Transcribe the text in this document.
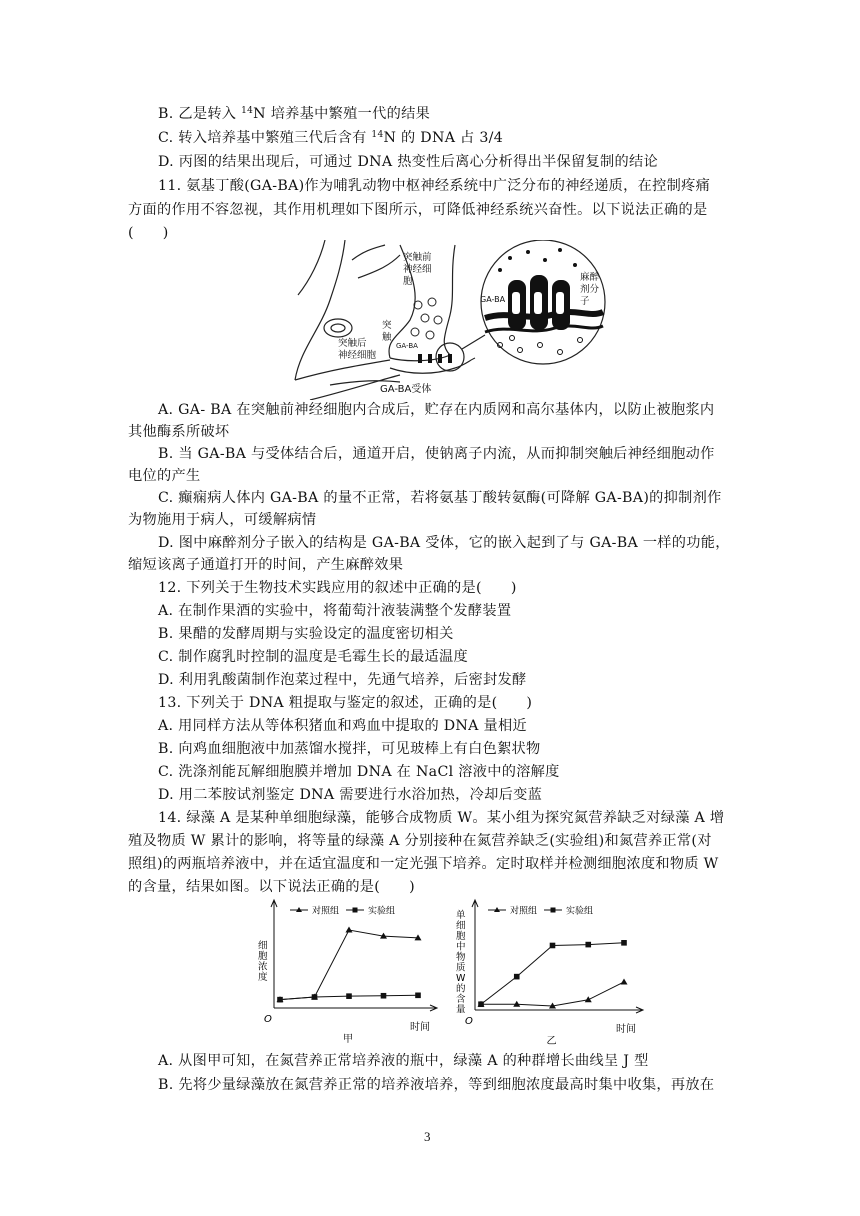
B. 乙是转入 $^{14}$N 培养基中繁殖一代的结果
C. 转入培养基中繁殖三代后含有 $^{14}$N 的 DNA 占 3/4
D. 丙图的结果出现后，可通过 DNA 热变性后离心分析得出半保留复制的结论
11. 氨基丁酸(GA-BA)作为哺乳动物中枢神经系统中广泛分布的神经递质，在控制疼痛
方面的作用不容忽视，其作用机理如下图所示，可降低神经系统兴奋性。以下说法正确的是
(　　)
突触前
神经细
胞
突
触
突触后
神经细胞
GA-BA
GA-BA受体
GA-BA
麻醉
剂分
子
A. GA- BA 在突触前神经细胞内合成后，贮存在内质网和高尔基体内，以防止被胞浆内
其他酶系所破坏
B. 当 GA-BA 与受体结合后，通道开启，使钠离子内流，从而抑制突触后神经细胞动作
电位的产生
C. 癫痫病人体内 GA-BA 的量不正常，若将氨基丁酸转氨酶(可降解 GA-BA)的抑制剂作
为物施用于病人，可缓解病情
D. 图中麻醉剂分子嵌入的结构是 GA-BA 受体，它的嵌入起到了与 GA-BA 一样的功能，
缩短该离子通道打开的时间，产生麻醉效果
12. 下列关于生物技术实践应用的叙述中正确的是(　　)
A. 在制作果酒的实验中，将葡萄汁液装满整个发酵装置
B. 果醋的发酵周期与实验设定的温度密切相关
C. 制作腐乳时控制的温度是毛霉生长的最适温度
D. 利用乳酸菌制作泡菜过程中，先通气培养，后密封发酵
13. 下列关于 DNA 粗提取与鉴定的叙述，正确的是(　　)
A. 用同样方法从等体积猪血和鸡血中提取的 DNA 量相近
B. 向鸡血细胞液中加蒸馏水搅拌，可见玻棒上有白色絮状物
C. 洗涤剂能瓦解细胞膜并增加 DNA 在 NaCl 溶液中的溶解度
D. 用二苯胺试剂鉴定 DNA 需要进行水浴加热，冷却后变蓝
14. 绿藻 A 是某种单细胞绿藻，能够合成物质 W。某小组为探究氮营养缺乏对绿藻 A 增
殖及物质 W 累计的影响，将等量的绿藻 A 分别接种在氮营养缺乏(实验组)和氮营养正常(对
照组)的两瓶培养液中，并在适宜温度和一定光强下培养。定时取样并检测细胞浓度和物质 W
的含量，结果如图。以下说法正确的是(　　)
O
时间
甲
细
胞
浓
度
对照组	实验组
O
时间
乙
单
细
胞
中
物
质
W
的
含
量
对照组	实验组
A. 从图甲可知，在氮营养正常培养液的瓶中，绿藻 A 的种群增长曲线呈 J 型
B. 先将少量绿藻放在氮营养正常的培养液培养，等到细胞浓度最高时集中收集，再放在
3
